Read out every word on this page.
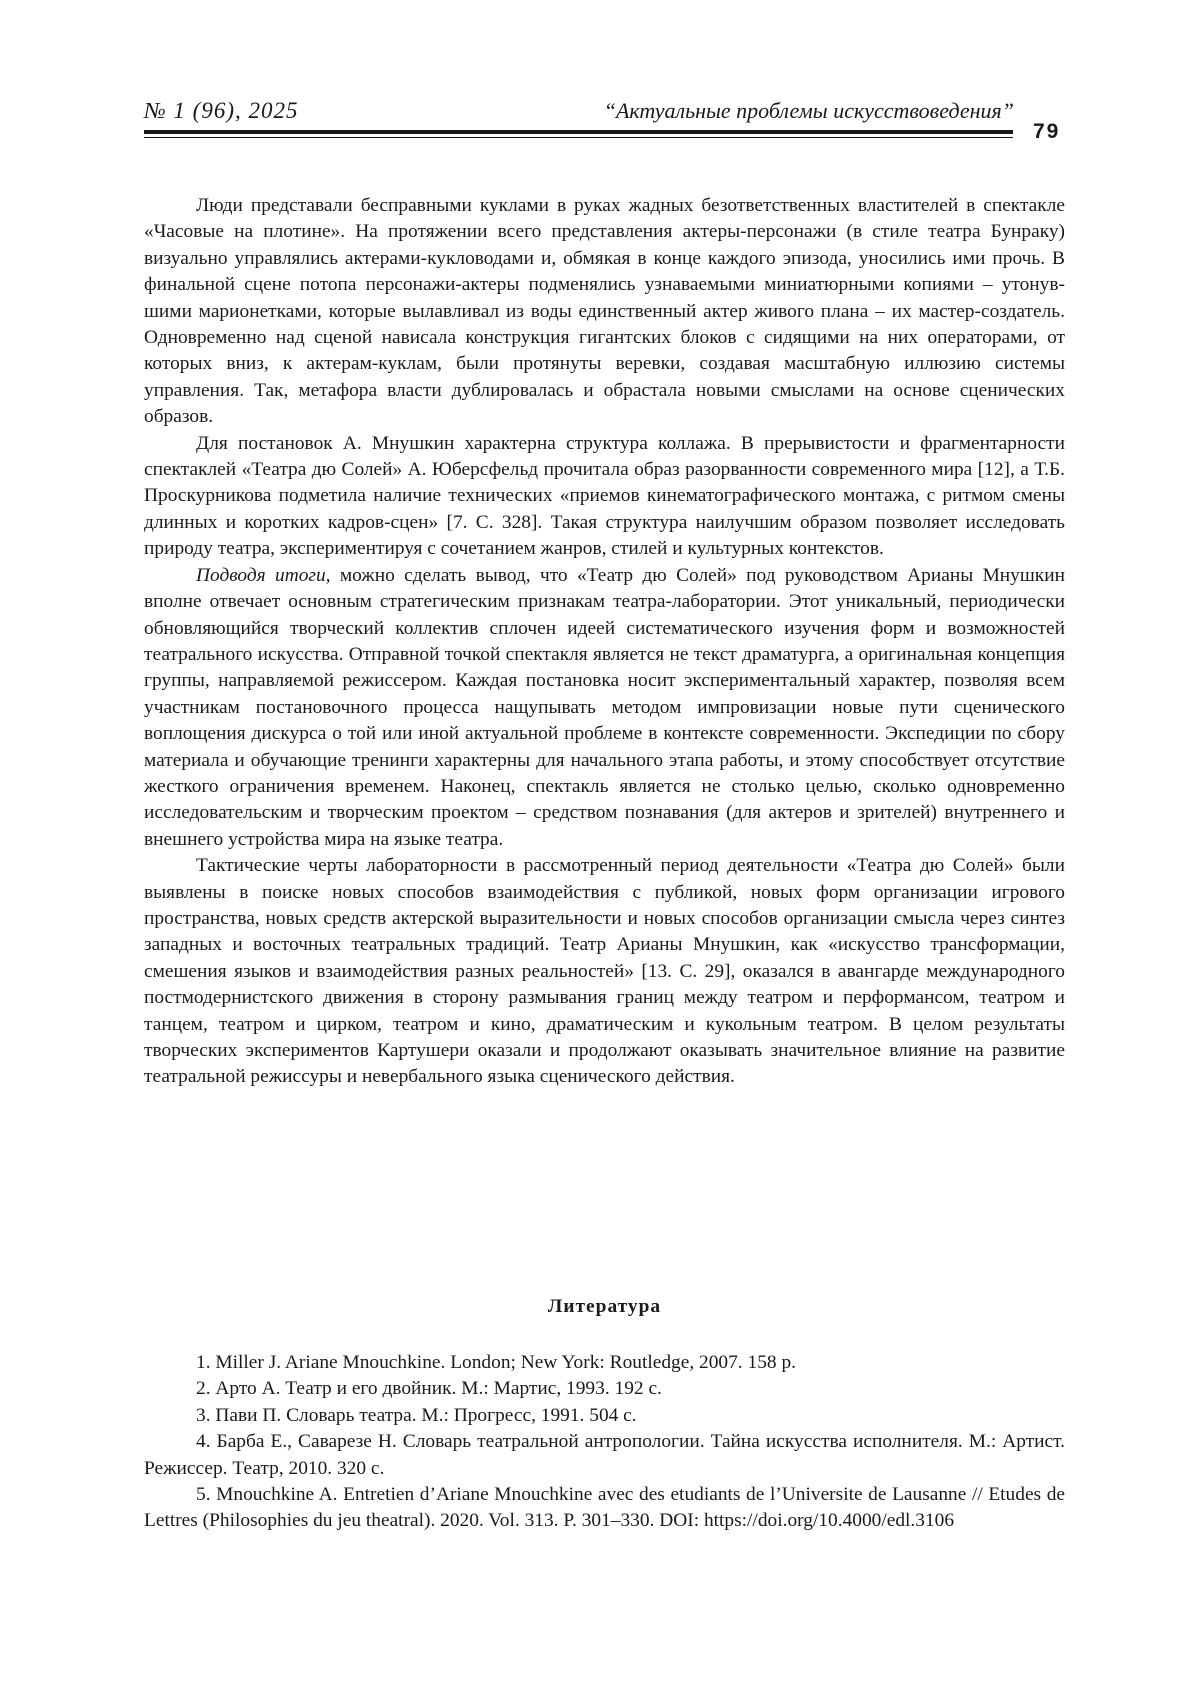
№ 1 (96), 2025	“Актуальные проблемы искусствоведения”
79

Люди представали бесправными куклами в руках жадных безответственных властителей в спектакле «Часовые на плотине». На протяжении всего представления актеры-персонажи (в стиле театра Бунраку) визуально управлялись актерами-кукло­водами и, обмякая в конце каждого эпизода, уносились ими прочь. В финальной сцене потопа персонажи-актеры подменялись узнаваемыми миниатюрными копиями – утонув­шими марионетками, которые вылавливал из воды единственный актер живого плана – их мастер-создатель. Одновременно над сценой нависала конструкция гигантских блоков с сидящими на них операторами, от которых вниз, к актерам-куклам, были протянуты веревки, создавая масштабную иллюзию системы управления. Так, метафора власти дублировалась и обрастала новыми смыслами на основе сценических образов.

Для постановок А. Мнушкин характерна структура коллажа. В прерывистости и фрагментарности спектаклей «Театра дю Солей» А. Юберсфельд прочитала образ разорванности современного мира [12], а Т.Б. Проскурникова подметила наличие технических «приемов кинематографического монтажа, с ритмом смены длинных и коротких кадров-сцен» [7. С. 328]. Такая структура наилучшим образом позволяет исследовать природу театра, экспериментируя с сочетанием жанров, стилей и культурных контекстов.

Подводя итоги, можно сделать вывод, что «Театр дю Солей» под руководством Арианы Мнушкин вполне отвечает основным стратегическим признакам театра-лаборатории. Этот уникальный, периодически обновляющийся творческий коллектив сплочен идеей систематического изучения форм и возможностей театрального искусства. Отправной точкой спектакля является не текст драматурга, а оригинальная концепция группы, направляемой режиссером. Каждая постановка носит экспериментальный характер, позволяя всем участникам постановочного процесса нащупывать методом импровизации новые пути сценического воплощения дискурса о той или иной актуальной проблеме в контексте современности. Экспедиции по сбору материала и обучающие тренинги характерны для начального этапа работы, и этому способствует отсутствие жесткого ограничения временем. Наконец, спектакль является не столько целью, сколько одновременно исследовательским и творческим проектом – средством познавания (для актеров и зрителей) внутреннего и внешнего устройства мира на языке театра.

Тактические черты лабораторности в рассмотренный период деятельности «Театра дю Солей» были выявлены в поиске новых способов взаимодействия с публикой, новых форм организации игрового пространства, новых средств актерской выразительности и новых способов организации смысла через синтез западных и восточных театральных традиций. Театр Арианы Мнушкин, как «искусство трансформации, смешения языков и взаимодействия разных реальностей» [13. С. 29], оказался в авангарде международного постмодернистского движения в сторону размывания границ между театром и перфор­мансом, театром и танцем, театром и цирком, театром и кино, драматическим и кукольным театром. В целом результаты творческих экспериментов Картушери оказали и продолжают оказывать значительное влияние на развитие театральной режиссуры и невербального языка сценического действия.

Литература
1. Miller J. Ariane Mnouchkine. London; New York: Routledge, 2007. 158 p.
2. Арто А. Театр и его двойник. М.: Мартис, 1993. 192 с.
3. Пави П. Словарь театра. М.: Прогресс, 1991. 504 с.
4. Барба Е., Саварезе Н. Словарь театральной антропологии. Тайна искусства исполнителя. М.: Артист. Режиссер. Театр, 2010. 320 с.
5. Mnouchkine A. Entretien d’Ariane Mnouchkine avec des etudiants de l’Universite de Lausanne // Etudes de Lettres (Philosophies du jeu theatral). 2020. Vol. 313. P. 301–330. DOI: https://doi.org/10.4000/edl.3106
